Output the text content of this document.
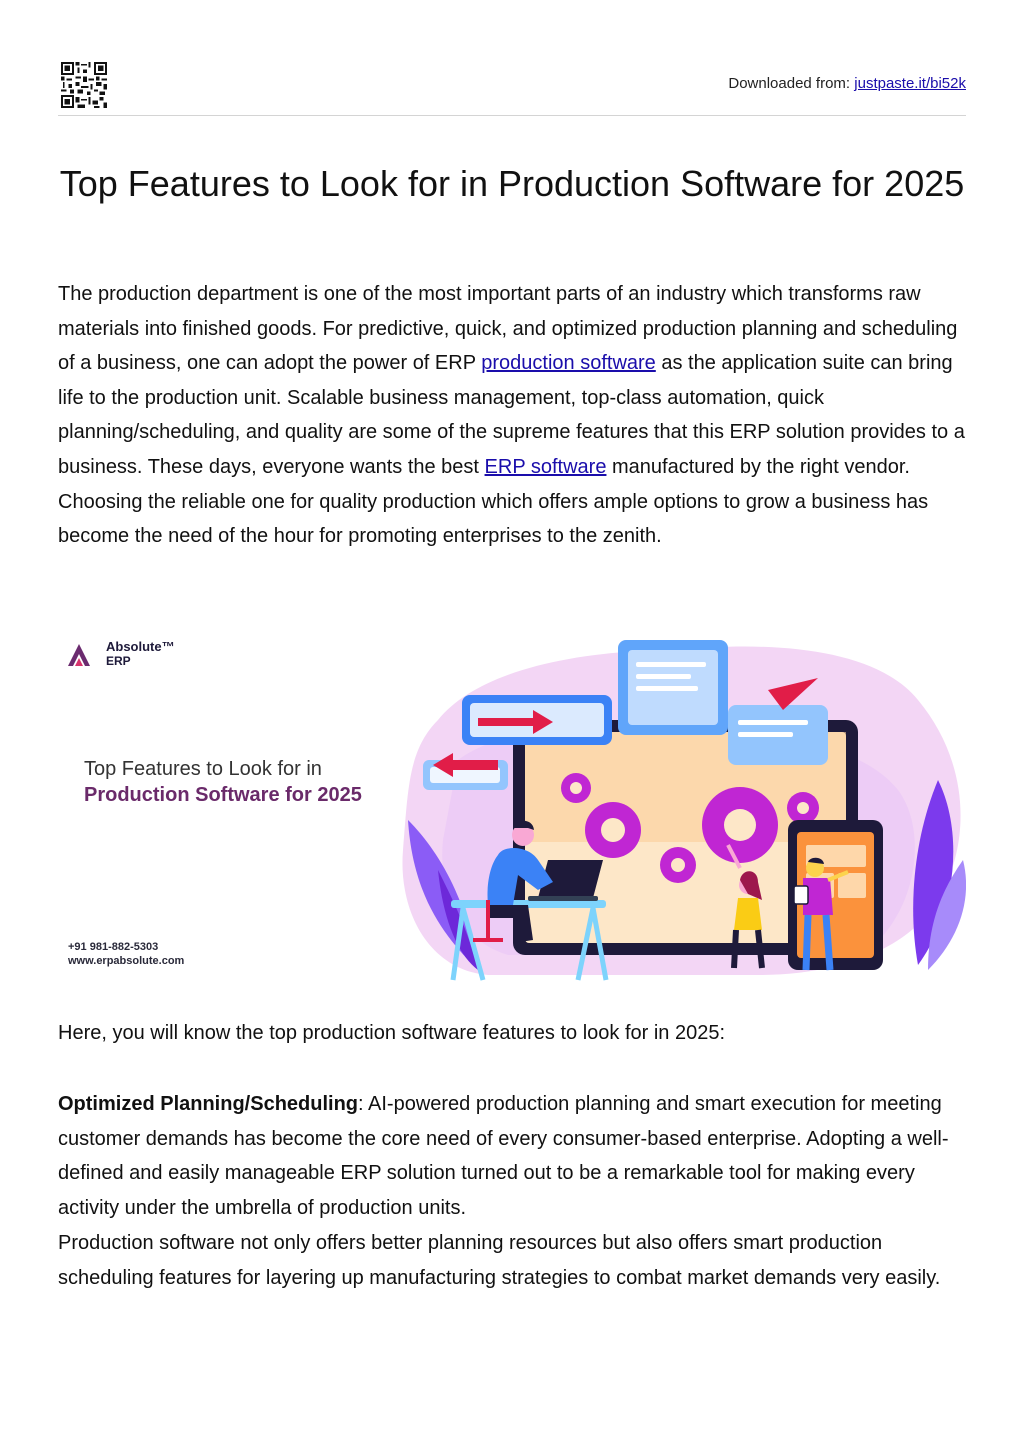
Downloaded from: justpaste.it/bi52k
Top Features to Look for in Production Software for 2025

The production department is one of the most important parts of an industry which transforms raw materials into finished goods. For predictive, quick, and optimized production planning and scheduling of a business, one can adopt the power of ERP production software as the application suite can bring life to the production unit. Scalable business management, top-class automation, quick planning/scheduling, and quality are some of the supreme features that this ERP solution provides to a business. These days, everyone wants the best ERP software manufactured by the right vendor. Choosing the reliable one for quality production which offers ample options to grow a business has become the need of the hour for promoting enterprises to the zenith.

Absolute™
ERP
Top Features to Look for in
Production Software for 2025
+91 981-882-5303
www.erpabsolute.com

Here, you will know the top production software features to look for in 2025:

Optimized Planning/Scheduling: AI-powered production planning and smart execution for meeting customer demands has become the core need of every consumer-based enterprise. Adopting a well-defined and easily manageable ERP solution turned out to be a remarkable tool for making every activity under the umbrella of production units.

Production software not only offers better planning resources but also offers smart production scheduling features for layering up manufacturing strategies to combat market demands very easily.
